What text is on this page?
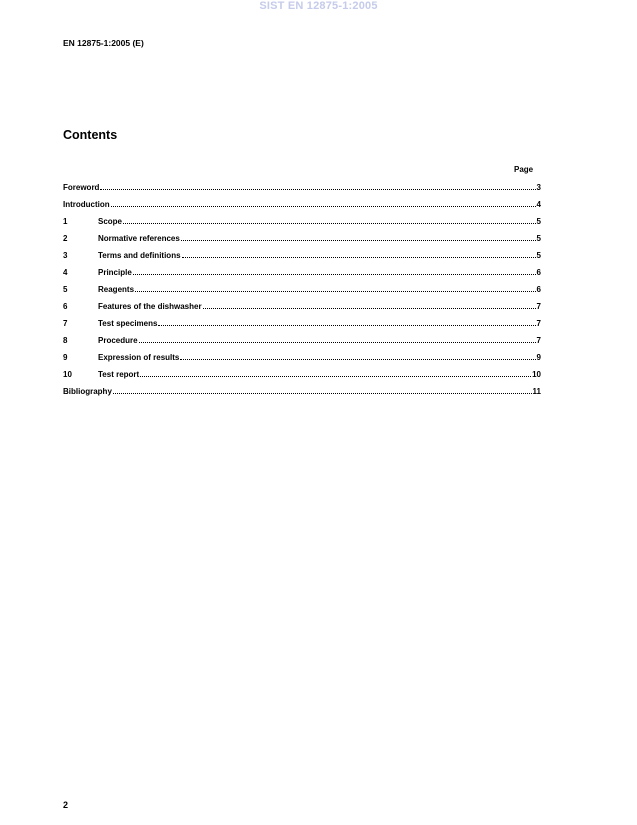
SIST EN 12875-1:2005
EN 12875-1:2005 (E)
Contents
Page
Foreword	3
Introduction	4
1	Scope	5
2	Normative references	5
3	Terms and definitions	5
4	Principle	6
5	Reagents	6
6	Features of the dishwasher	7
7	Test specimens	7
8	Procedure	7
9	Expression of results	9
10	Test report	10
Bibliography	11
2
